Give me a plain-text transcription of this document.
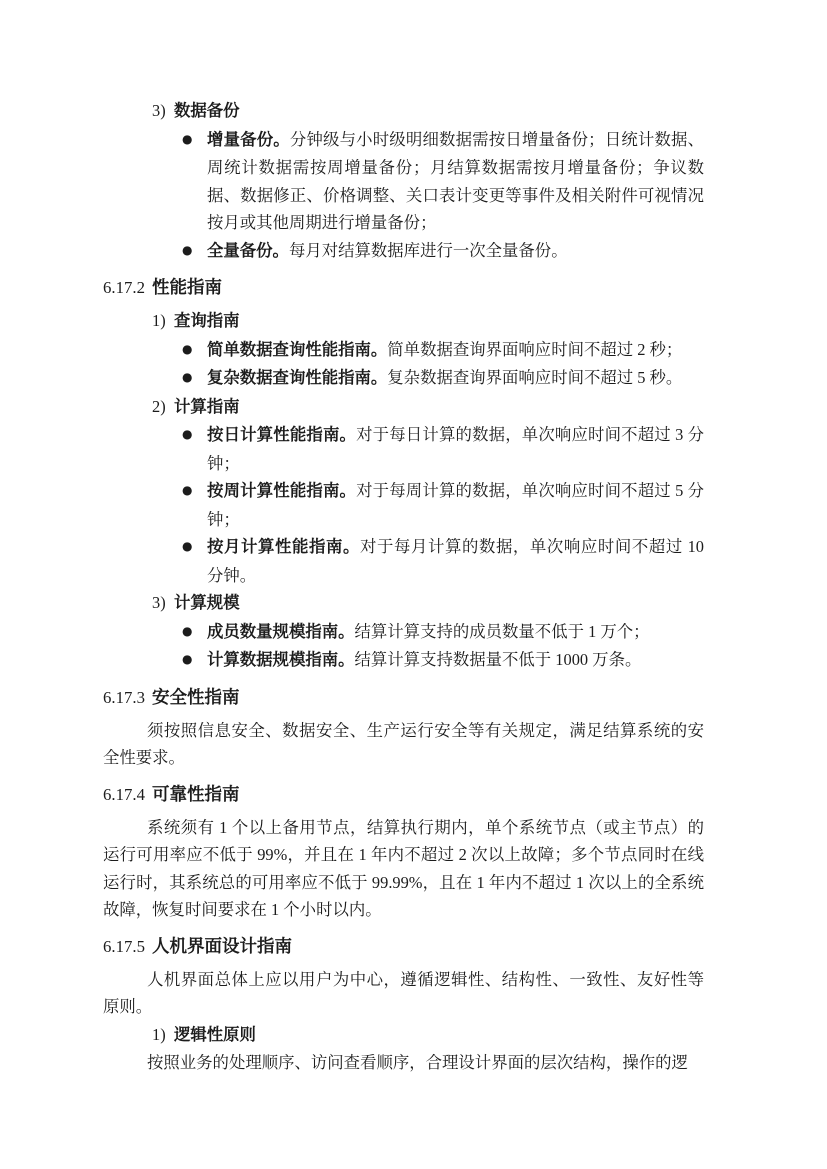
3) 数据备份
● 增量备份。分钟级与小时级明细数据需按日增量备份；日统计数据、周统计数据需按周增量备份；月结算数据需按月增量备份；争议数据、数据修正、价格调整、关口表计变更等事件及相关附件可视情况按月或其他周期进行增量备份；
● 全量备份。每月对结算数据库进行一次全量备份。
6.17.2 性能指南
1) 查询指南
● 简单数据查询性能指南。简单数据查询界面响应时间不超过 2 秒；
● 复杂数据查询性能指南。复杂数据查询界面响应时间不超过 5 秒。
2) 计算指南
● 按日计算性能指南。对于每日计算的数据，单次响应时间不超过 3 分钟；
● 按周计算性能指南。对于每周计算的数据，单次响应时间不超过 5 分钟；
● 按月计算性能指南。对于每月计算的数据，单次响应时间不超过 10 分钟。
3) 计算规模
● 成员数量规模指南。结算计算支持的成员数量不低于 1 万个；
● 计算数据规模指南。结算计算支持数据量不低于 1000 万条。
6.17.3 安全性指南

须按照信息安全、数据安全、生产运行安全等有关规定，满足结算系统的安全性要求。

6.17.4 可靠性指南

系统须有 1 个以上备用节点，结算执行期内，单个系统节点（或主节点）的运行可用率应不低于 99%，并且在 1 年内不超过 2 次以上故障；多个节点同时在线运行时，其系统总的可用率应不低于 99.99%，且在 1 年内不超过 1 次以上的全系统故障，恢复时间要求在 1 个小时以内。

6.17.5 人机界面设计指南

人机界面总体上应以用户为中心，遵循逻辑性、结构性、一致性、友好性等原则。

1) 逻辑性原则

按照业务的处理顺序、访问查看顺序，合理设计界面的层次结构，操作的逻
